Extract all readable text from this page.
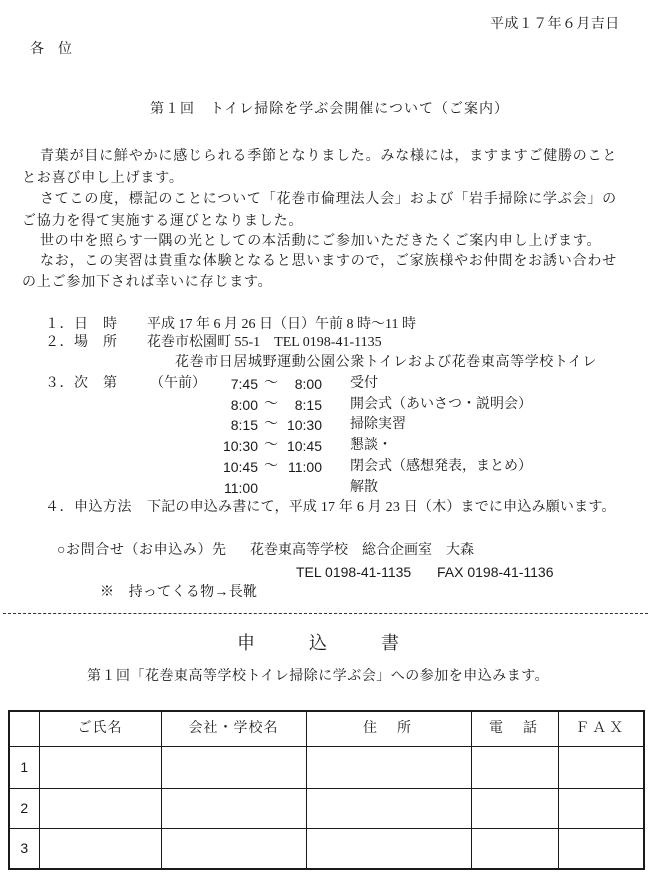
平成１７年６月吉日
各　位
第１回　トイレ掃除を学ぶ会開催について（ご案内）
青葉が目に鮮やかに感じられる季節となりました。みな様には，ますますご健勝のこと
とお喜び申し上げます。
さてこの度，標記のことについて「花巻市倫理法人会」および「岩手掃除に学ぶ会」の
ご協力を得て実施する運びとなりました。
世の中を照らす一隅の光としての本活動にご参加いただきたくご案内申し上げます。
なお，この実習は貴重な体験となると思いますので，ご家族様やお仲間をお誘い合わせ
の上ご参加下されば幸いに存じます。
１．日　時 平成 17 年 6 月 26 日（日）午前 8 時～11 時
２．場　所 花巻市松園町 55-1　TEL 0198-41-1135
花巻市日居城野運動公園公衆トイレおよび花巻東高等学校トイレ
３．次　第 （午前）	7:45 ～	8:00 受付
8:00 ～	8:15 開会式（あいさつ・説明会）
8:15 ～ 10:30 掃除実習
10:30 ～ 10:45 懇談・
10:45 ～ 11:00 閉会式（感想発表，まとめ）
11:00	解散
４．申込方法 下記の申込み書にて，平成 17 年 6 月 23 日（木）までに申込み願います。
○お問合せ（お申込み）先 花巻東高等学校　総合企画室　大森
TEL 0198-41-1135 FAX 0198-41-1136
※　持ってくる物→長靴
申　　込　　書
第１回「花巻東高等学校トイレ掃除に学ぶ会」への参加を申込みます。
	ご氏名	会社・学校名	住　所	電　話	ＦＡＸ
1					
2					
3					
